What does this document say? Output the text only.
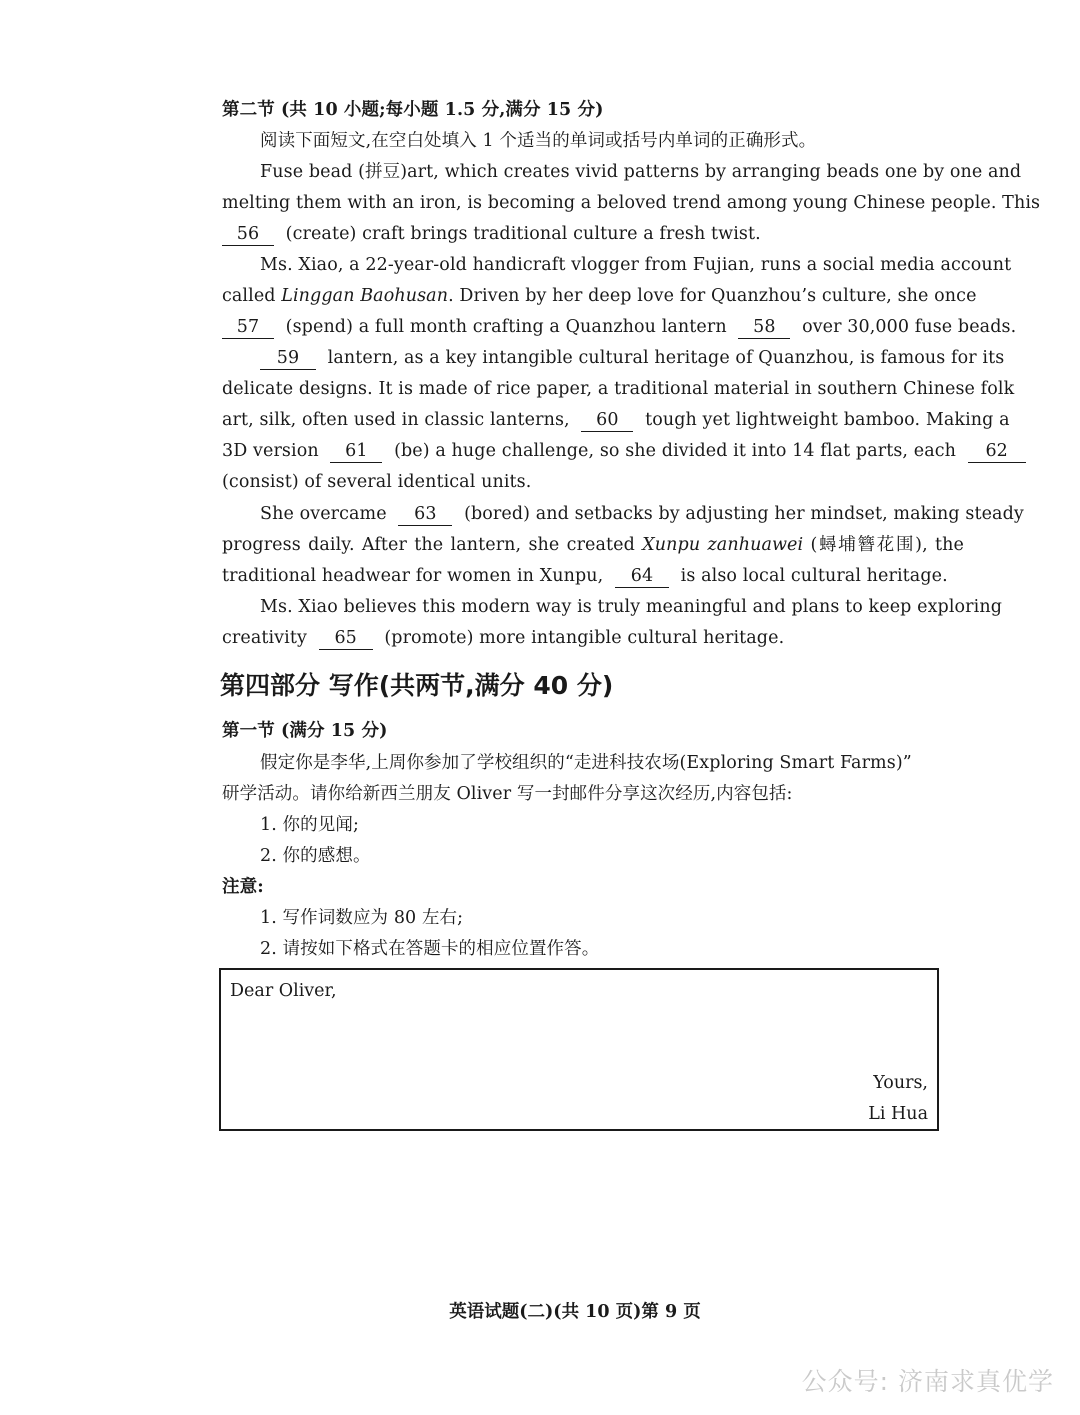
第二节 (共 10 小题;每小题 1.5 分,满分 15 分)
阅读下面短文,在空白处填入 1 个适当的单词或括号内单词的正确形式。
Fuse bead (拼豆)art, which creates vivid patterns by arranging beads one by one and
melting them with an iron, is becoming a beloved trend among young Chinese people. This
56 (create) craft brings traditional culture a fresh twist.
Ms. Xiao, a 22-year-old handicraft vlogger from Fujian, runs a social media account
called Linggan Baohusan. Driven by her deep love for Quanzhou’s culture, she once
57 (spend) a full month crafting a Quanzhou lantern 58 over 30,000 fuse beads.
59 lantern, as a key intangible cultural heritage of Quanzhou, is famous for its
delicate designs. It is made of rice paper, a traditional material in southern Chinese folk
art, silk, often used in classic lanterns, 60 tough yet lightweight bamboo. Making a
3D version 61 (be) a huge challenge, so she divided it into 14 flat parts, each 62
(consist) of several identical units.
She overcame 63 (bored) and setbacks by adjusting her mindset, making steady
progress daily. After the lantern, she created Xunpu zanhuawei (蟳埔簪花围), the
traditional headwear for women in Xunpu, 64 is also local cultural heritage.
Ms. Xiao believes this modern way is truly meaningful and plans to keep exploring
creativity 65 (promote) more intangible cultural heritage.
第四部分 写作(共两节,满分 40 分)
第一节 (满分 15 分)
假定你是李华,上周你参加了学校组织的“走进科技农场(Exploring Smart Farms)”
研学活动。请你给新西兰朋友 Oliver 写一封邮件分享这次经历,内容包括:
1. 你的见闻;
2. 你的感想。
注意:
1. 写作词数应为 80 左右;
2. 请按如下格式在答题卡的相应位置作答。
Dear Oliver,
Yours,
Li Hua
英语试题(二)(共 10 页)第 9 页
公众号: 济南求真优学
